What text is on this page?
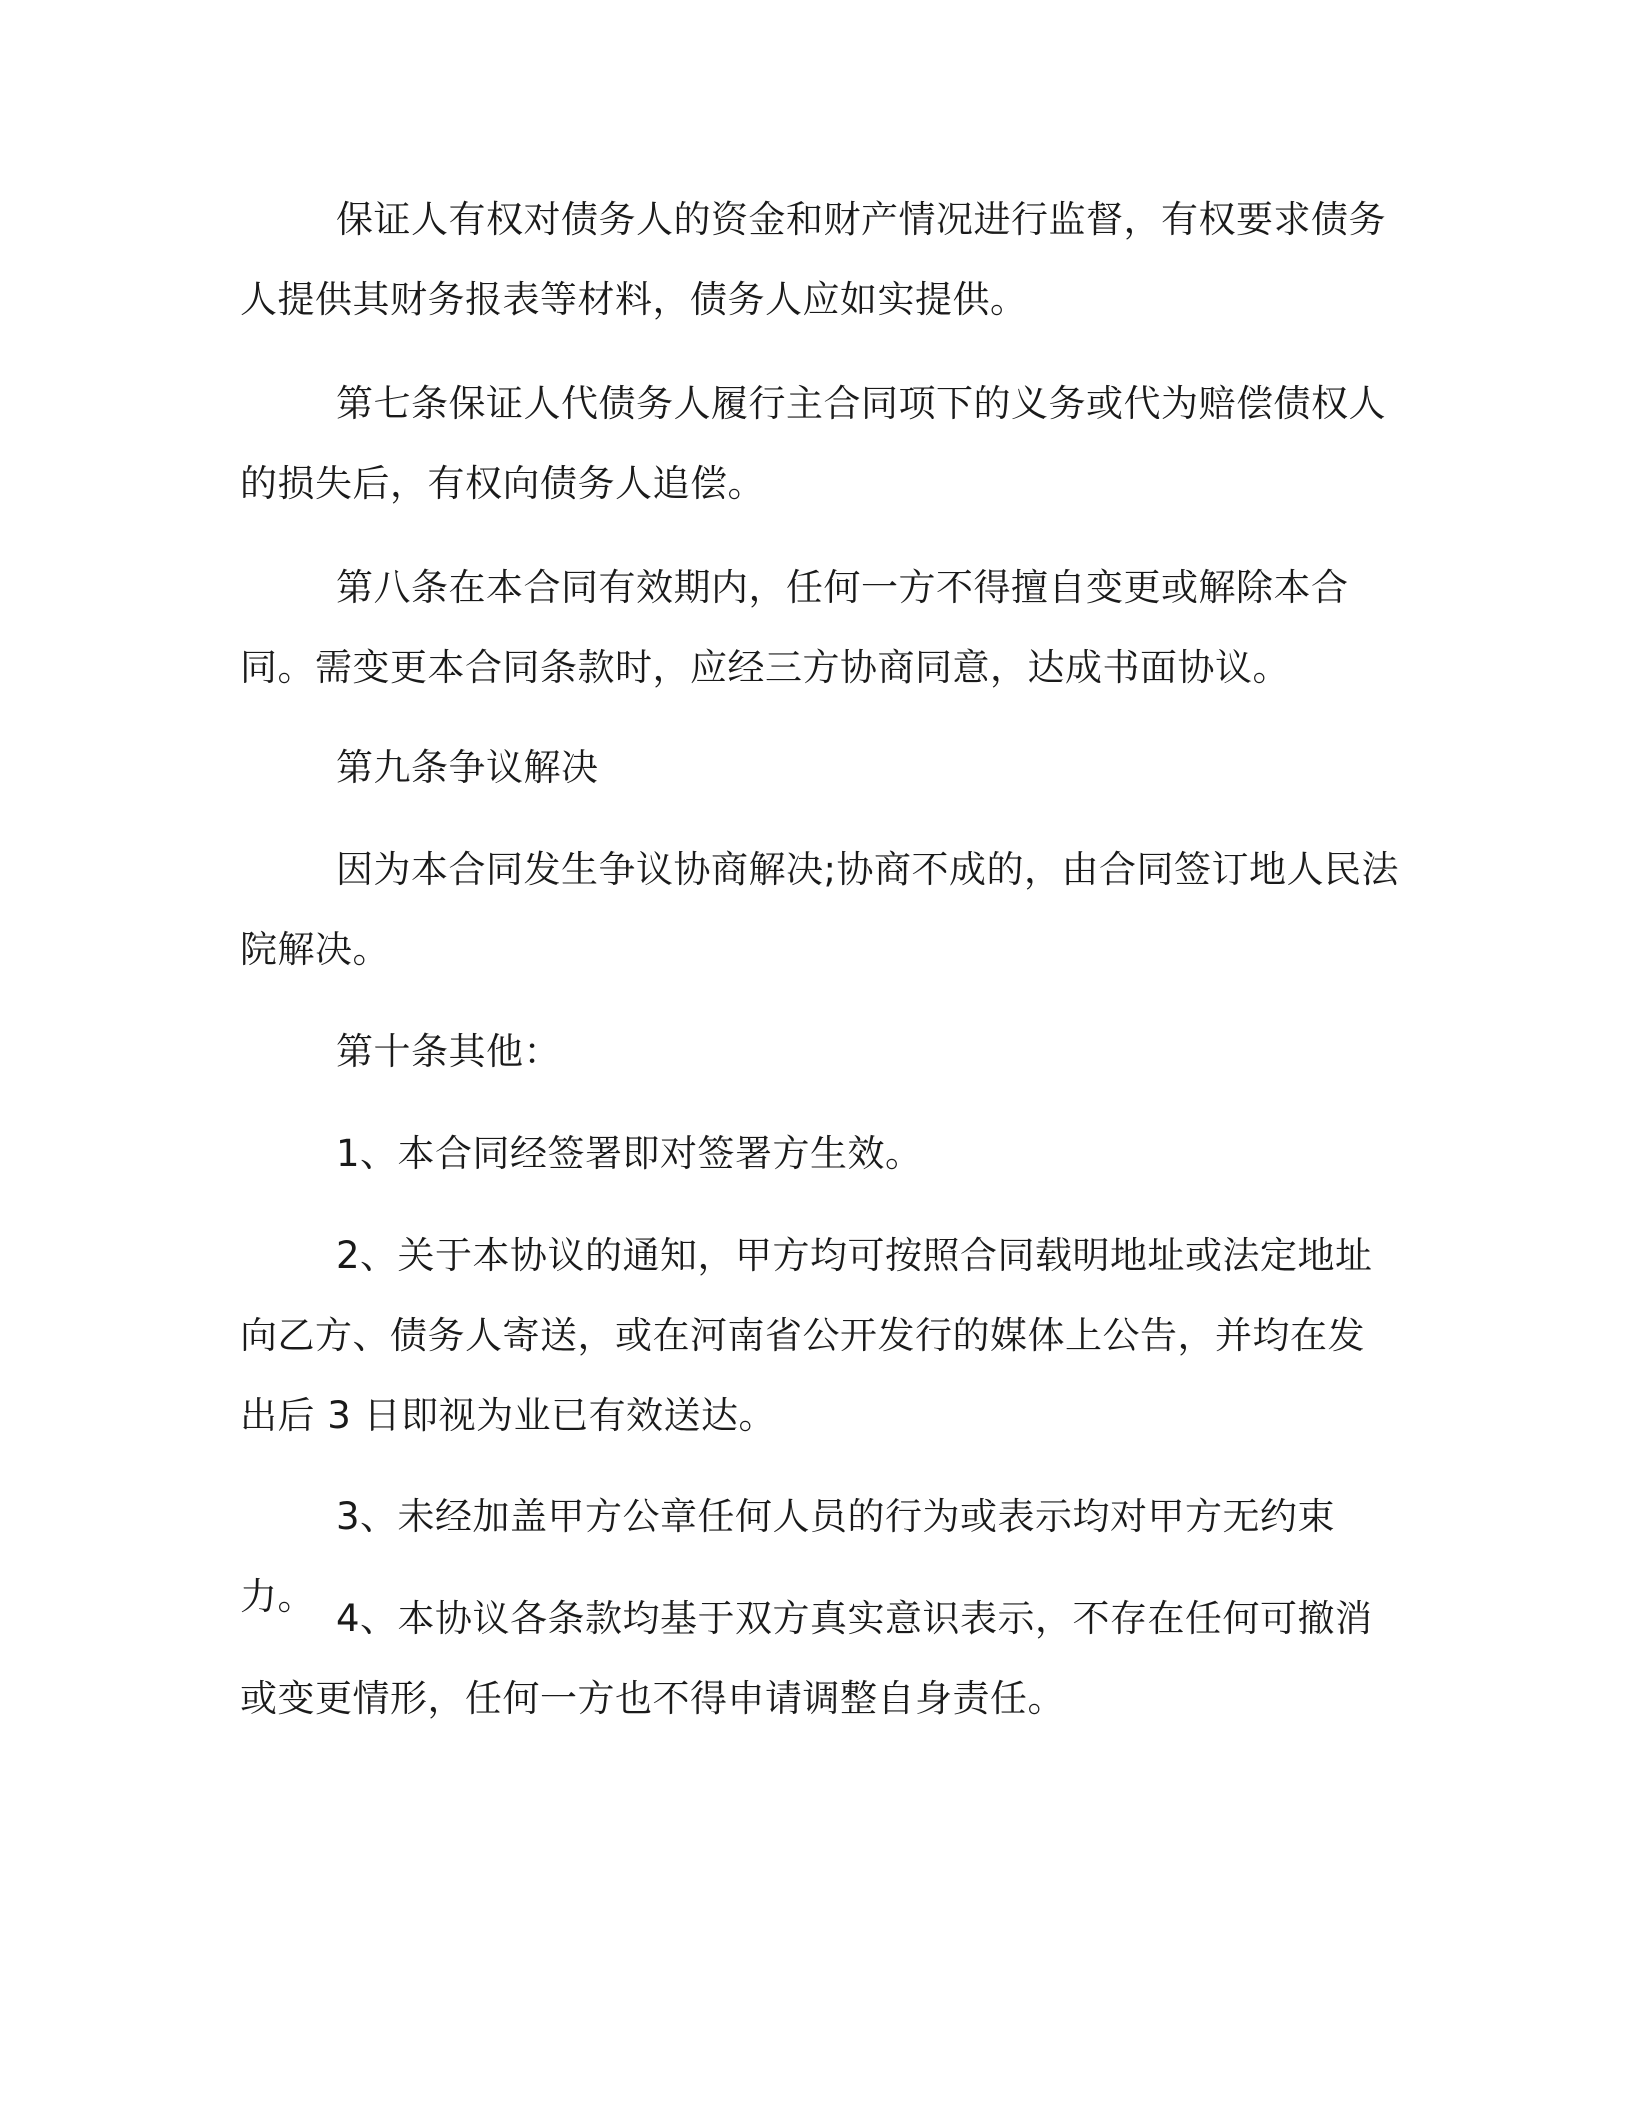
保证人有权对债务人的资金和财产情况进行监督，有权要求债务人提供其财务报表等材料，债务人应如实提供。

第七条保证人代债务人履行主合同项下的义务或代为赔偿债权人的损失后，有权向债务人追偿。

第八条在本合同有效期内，任何一方不得擅自变更或解除本合同。需变更本合同条款时，应经三方协商同意，达成书面协议。

第九条争议解决

因为本合同发生争议协商解决;协商不成的，由合同签订地人民法院解决。

第十条其他：

1、本合同经签署即对签署方生效。

2、关于本协议的通知，甲方均可按照合同载明地址或法定地址向乙方、债务人寄送，或在河南省公开发行的媒体上公告，并均在发出后 3 日即视为业已有效送达。

3、未经加盖甲方公章任何人员的行为或表示均对甲方无约束力。

4、本协议各条款均基于双方真实意识表示，不存在任何可撤消或变更情形，任何一方也不得申请调整自身责任。
